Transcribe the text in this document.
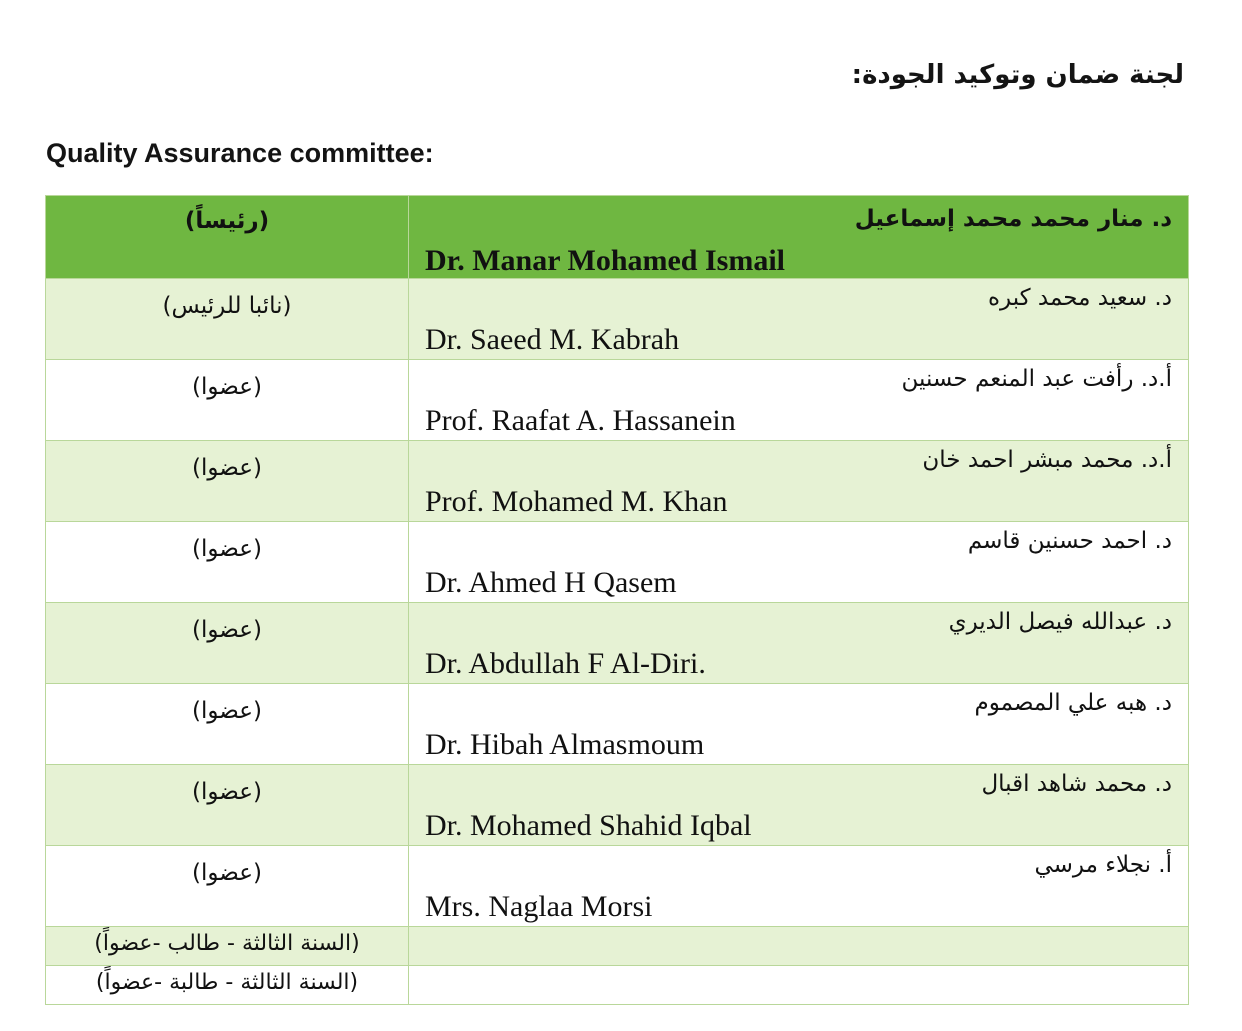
لجنة ضمان وتوكيد الجودة:
Quality Assurance committee:
(رئيساً)	د. منار محمد محمد إسماعيل
Dr. Manar Mohamed Ismail

(نائبا للرئيس)	د. سعيد محمد كبره
Dr. Saeed M. Kabrah

(عضوا)	أ.د. رأفت عبد المنعم حسنين
Prof. Raafat A. Hassanein

(عضوا)	أ.د. محمد مبشر احمد خان
Prof. Mohamed M. Khan

(عضوا)	د. احمد حسنين قاسم
Dr. Ahmed H Qasem

(عضوا)	د. عبدالله فيصل الديري
Dr. Abdullah F Al-Diri.

(عضوا)	د. هبه علي المصموم
Dr. Hibah Almasmoum

(عضوا)	د. محمد شاهد اقبال
Dr. Mohamed Shahid Iqbal

(عضوا)	أ. نجلاء مرسي
Mrs. Naglaa Morsi

(السنة الثالثة - طالب -عضواً)	

(السنة الثالثة - طالبة -عضواً)	
